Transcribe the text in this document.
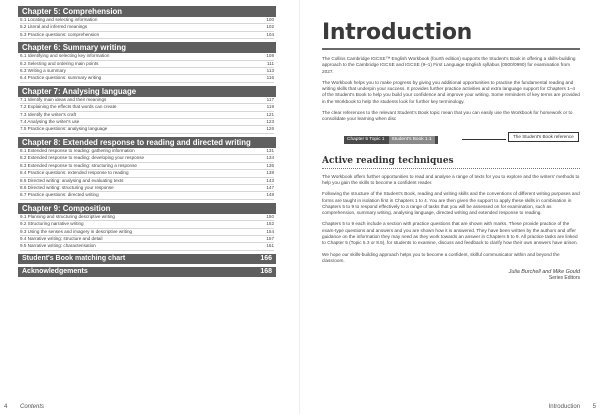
Chapter 5: Comprehension
5.1 Locating and selecting information	100
5.2 Literal and inferred meanings	102
5.3 Practice questions: comprehension	104
Chapter 6: Summary writing
6.1 Identifying and selecting key information	108
6.2 Selecting and ordering main points	111
6.3 Writing a summary	113
6.4 Practice questions: summary writing	116
Chapter 7: Analysing language
7.1 Identify main ideas and their meanings	117
7.2 Explaining the effects that words can create	119
7.3 Identify the writer's craft	121
7.4 Analysing the writer's use	123
7.5 Practice questions: analysing language	126
Chapter 8: Extended response to reading and directed writing
8.1 Extended response to reading: gathering information	131
8.2 Extended response to reading: developing your response	134
8.3 Extended response to reading: structuring a response	136
8.4 Practice questions: extended response to reading	138
8.5 Directed writing: analysing and evaluating texts	143
8.6 Directed writing: structuring your response	147
8.7 Practice questions: directed writing	148
Chapter 9: Composition
9.1 Planning and structuring descriptive writing	150
9.2 Structuring narrative writing	152
9.3 Using the senses and imagery in descriptive writing	154
9.4 Narrative writing: structure and detail	157
9.5 Narrative writing: characterisation	161
Student's Book matching chart	166
Acknowledgements	168
Introduction

The Collins Cambridge IGCSE™ English Workbook (fourth edition) supports the Student's Book in offering a skills-building approach to the Cambridge IGCSE and IGCSE (9–1) First Language English syllabus (0500/0990) for examination from 2027.

The Workbook helps you to make progress by giving you additional opportunities to practise the fundamental reading and writing skills that underpin your success. It provides further practice activities and extra language support for Chapters 1–4 of the Student's Book to help you build your confidence and improve your writing. Some reminders of key terms are provided in the Workbook to help the students look for further key terminology.

The clear references to the relevant Student's Book topic mean that you can easily use the Workbook for homework or to consolidate your learning when disc

Chapter 5 Topic 1	Student's Book 1.1
The Student's Book reference
Active reading techniques

The Workbook offers further opportunities to read and analyse a range of texts for you to explore and the writers' methods to help you gain the skills to become a confident reader.

Following the structure of the Student's Book, reading and writing skills and the conventions of different writing purposes and forms are taught in isolation first in Chapters 1 to 4. You are then given the support to apply these skills in combination in Chapters 5 to 9 to respond effectively to a range of tasks that you will be assessed on for examination, such as comprehension, summary writing, analysing language, directed writing and extended response to reading.

Chapters 5 to 9 each include a section with practice questions that are shown with marks. These provide practice of the exam-type questions and answers and you are shown how it is answered. They have been written by the authors and offer guidance on the information they may need as they work towards an answer in Chapters 5 to 9. All practice tasks are linked to Chapter 5 (Topic 5.3 or 8.5), for students to examine, discuss and feedback to clarify how their own answers have arisen.

We hope our skills-building approach helps you to become a confident, skilful communicator within and beyond the classroom.

Julia Burchell and Mike Gould
Series Editors
4 Contents	Introduction 5
